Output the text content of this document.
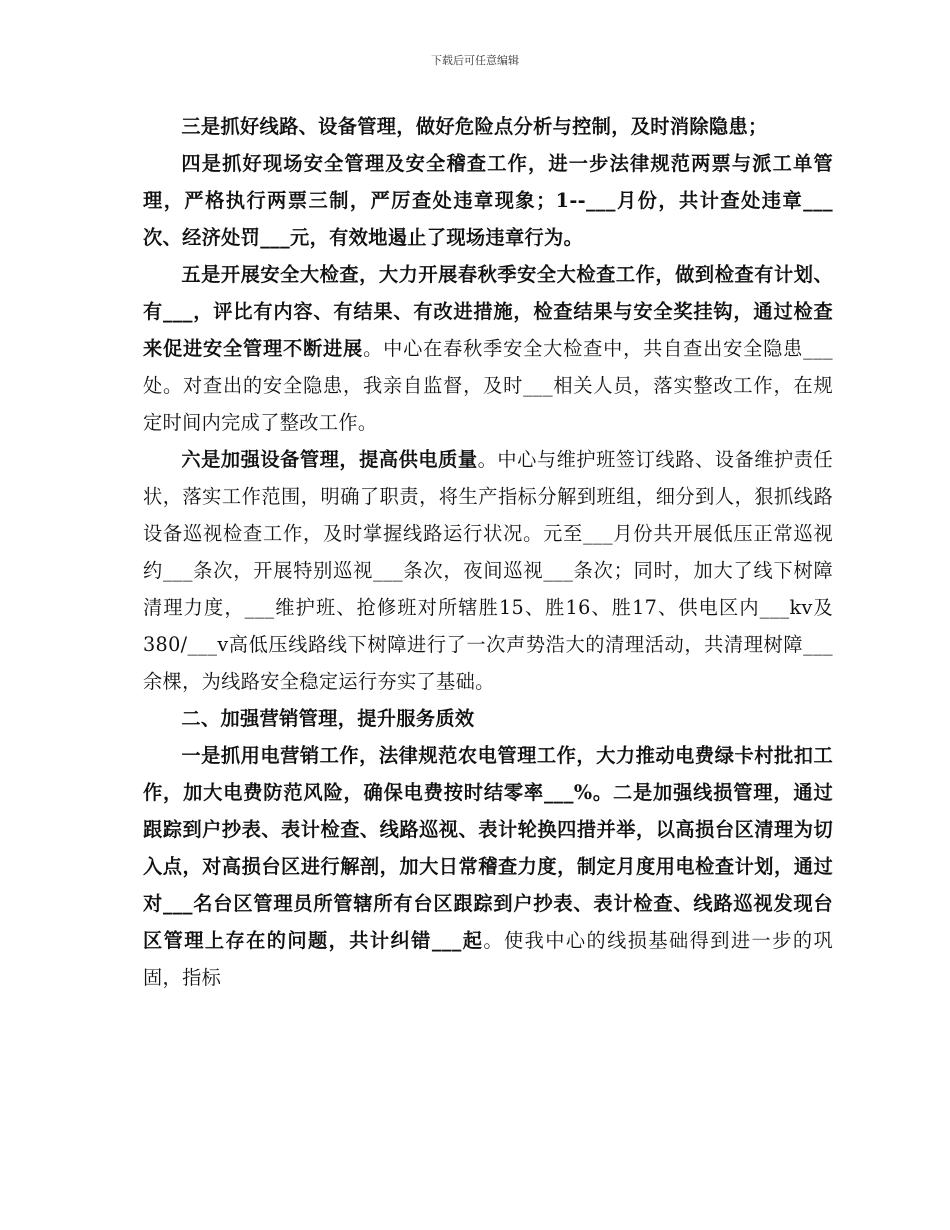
下载后可任意编辑

三是抓好线路、设备管理，做好危险点分析与控制，及时消除隐患；

四是抓好现场安全管理及安全稽查工作，进一步法律规范两票与派工单管理，严格执行两票三制，严厉查处违章现象；1--___月份，共计查处违章___次、经济处罚___元，有效地遏止了现场违章行为。

五是开展安全大检查，大力开展春秋季安全大检查工作，做到检查有计划、有___，评比有内容、有结果、有改进措施，检查结果与安全奖挂钩，通过检查来促进安全管理不断进展。中心在春秋季安全大检查中，共自查出安全隐患___处。对查出的安全隐患，我亲自监督，及时___相关人员，落实整改工作，在规定时间内完成了整改工作。

六是加强设备管理，提高供电质量。中心与维护班签订线路、设备维护责任状，落实工作范围，明确了职责，将生产指标分解到班组，细分到人，狠抓线路设备巡视检查工作，及时掌握线路运行状况。元至___月份共开展低压正常巡视约___条次，开展特别巡视___条次，夜间巡视___条次；同时，加大了线下树障清理力度，___维护班、抢修班对所辖胜15、胜16、胜17、供电区内___kv及380/___v高低压线路线下树障进行了一次声势浩大的清理活动，共清理树障___余棵，为线路安全稳定运行夯实了基础。

二、加强营销管理，提升服务质效

一是抓用电营销工作，法律规范农电管理工作，大力推动电费绿卡村批扣工作，加大电费防范风险，确保电费按时结零率___%。二是加强线损管理，通过跟踪到户抄表、表计检查、线路巡视、表计轮换四措并举，以高损台区清理为切入点，对高损台区进行解剖，加大日常稽查力度，制定月度用电检查计划，通过对___名台区管理员所管辖所有台区跟踪到户抄表、表计检查、线路巡视发现台区管理上存在的问题，共计纠错___起。使我中心的线损基础得到进一步的巩固，指标
